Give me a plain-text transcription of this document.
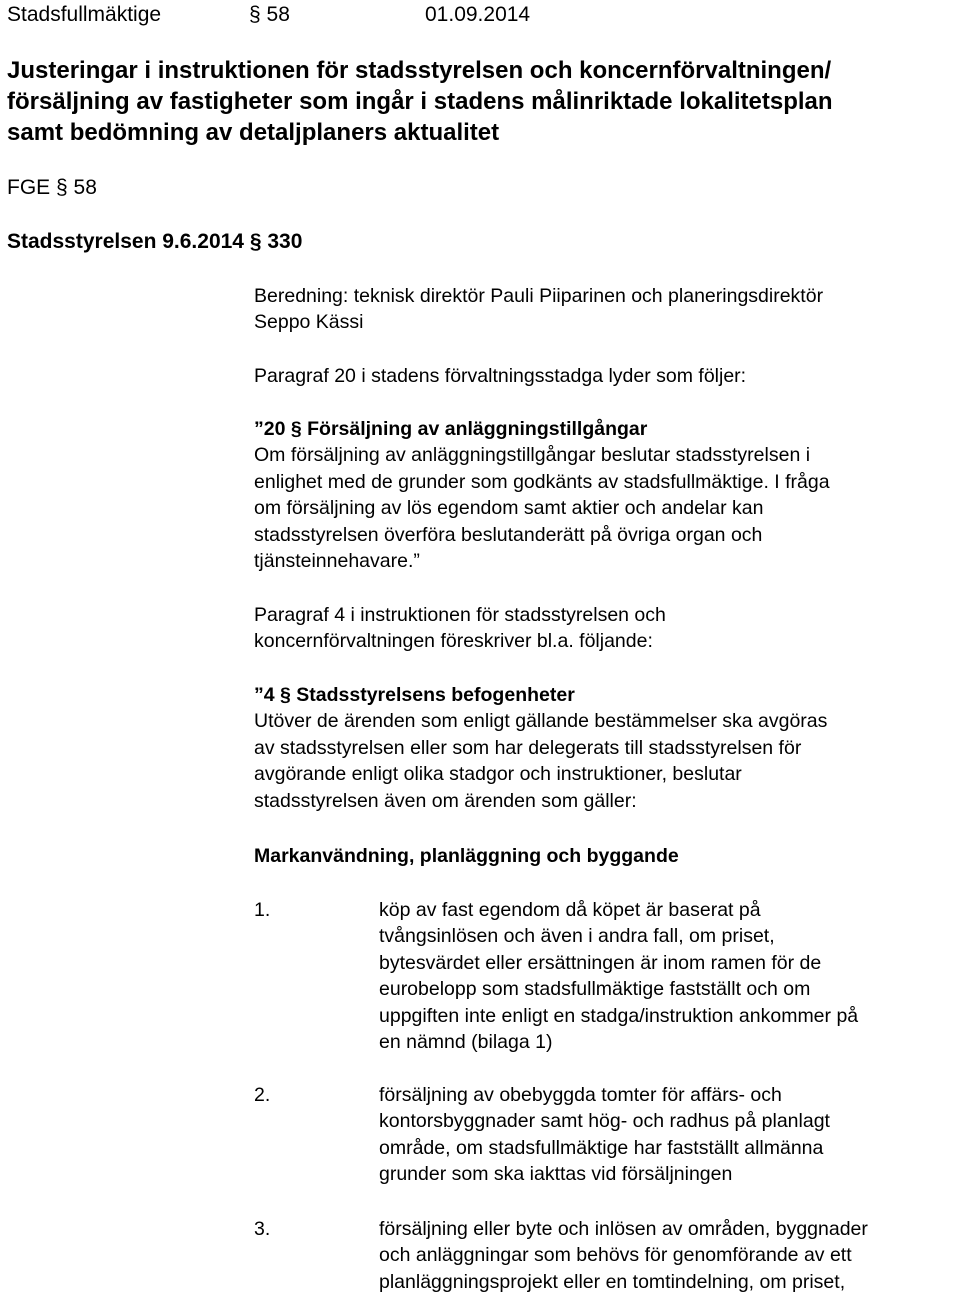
Stadsfullmäktige	§ 58	01.09.2014
Justeringar i instruktionen för stadsstyrelsen och koncernförvaltningen/
försäljning av fastigheter som ingår i stadens målinriktade lokalitetsplan
samt bedömning av detaljplaners aktualitet
FGE § 58
Stadsstyrelsen 9.6.2014 § 330

Beredning: teknisk direktör Pauli Piiparinen och planeringsdirektör

Seppo Kässi

Paragraf 20 i stadens förvaltningsstadga lyder som följer:

”20 § Försäljning av anläggningstillgångar

Om försäljning av anläggningstillgångar beslutar stadsstyrelsen i

enlighet med de grunder som godkänts av stadsfullmäktige. I fråga

om försäljning av lös egendom samt aktier och andelar kan

stadsstyrelsen överföra beslutanderätt på övriga organ och

tjänsteinnehavare.”

Paragraf 4 i instruktionen för stadsstyrelsen och

koncernförvaltningen föreskriver bl.a. följande:

”4 § Stadsstyrelsens befogenheter

Utöver de ärenden som enligt gällande bestämmelser ska avgöras

av stadsstyrelsen eller som har delegerats till stadsstyrelsen för

avgörande enligt olika stadgor och instruktioner, beslutar

stadsstyrelsen även om ärenden som gäller:

Markanvändning, planläggning och byggande
1.	köp av fast egendom då köpet är baserat på
tvångsinlösen och även i andra fall, om priset,
bytesvärdet eller ersättningen är inom ramen för de
eurobelopp som stadsfullmäktige fastställt och om
uppgiften inte enligt en stadga/instruktion ankommer på
en nämnd (bilaga 1)
2.	försäljning av obebyggda tomter för affärs- och
kontorsbyggnader samt hög- och radhus på planlagt
område, om stadsfullmäktige har fastställt allmänna
grunder som ska iakttas vid försäljningen
3.	försäljning eller byte och inlösen av områden, byggnader
och anläggningar som behövs för genomförande av ett
planläggningsprojekt eller en tomtindelning, om priset,
